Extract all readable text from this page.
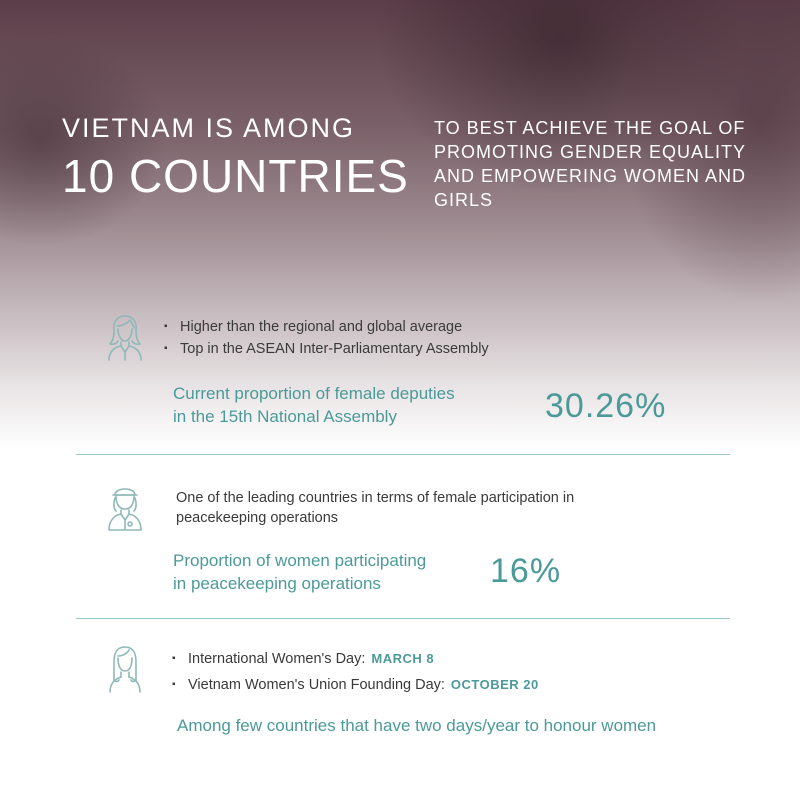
VIETNAM IS AMONG
10 COUNTRIES
TO BEST ACHIEVE THE GOAL OF PROMOTING GENDER EQUALITY AND EMPOWERING WOMEN AND GIRLS
▪ Higher than the regional and global average
▪ Top in the ASEAN Inter-Parliamentary Assembly
Current proportion of female deputies
in the 15th National Assembly	30.26%
One of the leading countries in terms of female participation in peacekeeping operations
Proportion of women participating
in peacekeeping operations	16%
▪ International Women's Day: MARCH 8
▪ Vietnam Women's Union Founding Day: OCTOBER 20
Among few countries that have two days/year to honour women
